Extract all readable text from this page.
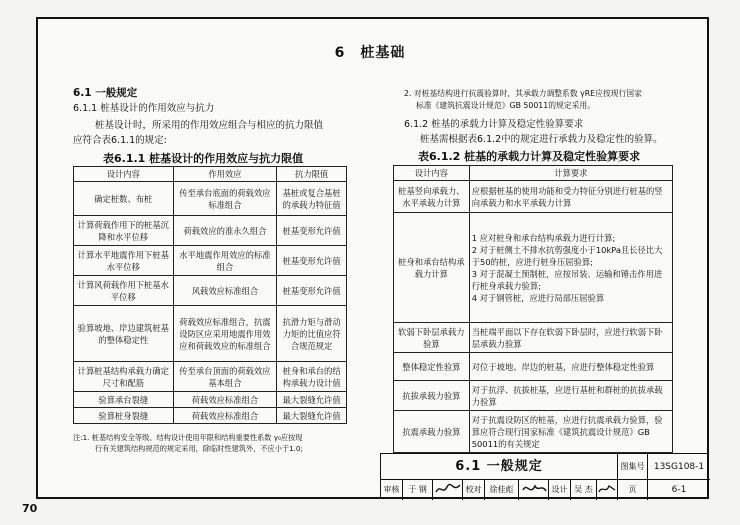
6　桩基础
6.1 一般规定
6.1.1 桩基设计的作用效应与抗力
桩基设计时，所采用的作用效应组合与相应的抗力限值
应符合表6.1.1的规定:
表6.1.1 桩基设计的作用效应与抗力限值
设计内容	作用效应	抗力限值
确定桩数、布桩	传至承台底面的荷载效应标准组合	基桩或复合基桩的承载力特征值
计算荷载作用下的桩基沉降和水平位移	荷载效应的准永久组合	桩基变形允许值
计算水平地震作用下桩基水平位移	水平地震作用效应的标准组合	桩基变形允许值
计算风荷载作用下桩基水平位移	风载效应标准组合	桩基变形允许值
验算坡地、岸边建筑桩基的整体稳定性	荷载效应标准组合，抗震设防区应采用地震作用效应和荷载效应的标准组合	抗滑力矩与滑动力矩的比值应符合规范规定
计算桩基结构承载力确定尺寸和配筋	传至承台顶面的荷载效应基本组合	桩身和承台的结构承载力设计值
验算承台裂缝	荷载效应标准组合	最大裂缝允许值
验算桩身裂缝	荷载效应标准组合	最大裂缝允许值
注:1. 桩基结构安全等级、结构设计使用年限和结构重要性系数 γ₀应按现
行有关建筑结构规范的规定采用，除临时性建筑外，不应小于1.0;
2. 对桩基结构进行抗震验算时，其承载力调整系数 γRE应按现行国家
标准《建筑抗震设计规范》GB 50011的规定采用。
6.1.2 桩基的承载力计算及稳定性验算要求
桩基需根据表6.1.2中的规定进行承载力及稳定性的验算。
表6.1.2 桩基的承载力计算及稳定性验算要求
设计内容	计算要求
桩基竖向承载力、水平承载力计算	应根据桩基的使用功能和受力特征分别进行桩基的竖向承载力和水平承载力计算
桩身和承台结构承载力计算	1 应对桩身和承台结构承载力进行计算;
2 对于桩侧土不排水抗剪强度小于10kPa且长径比大于50的桩，应进行桩身压屈验算;
3 对于混凝土预制桩，应按吊装、运输和锤击作用进行桩身承载力验算;
4 对于钢管桩，应进行局部压屈验算

软弱下卧层承载力验算	当桩端平面以下存在软弱下卧层时，应进行软弱下卧层承载力验算
整体稳定性验算	对位于坡地、岸边的桩基，应进行整体稳定性验算
抗拔承载力验算	对于抗浮、抗拔桩基，应进行基桩和群桩的抗拔承载力验算
抗震承载力验算	对于抗震设防区的桩基，应进行抗震承载力验算，验算应符合现行国家标准《建筑抗震设计规范》GB 50011的有关规定
6.1 一般规定	图集号	13SG108-1
审核	于 钢	校对	徐桂彪	设计 吴 杰	页	6-1
70
